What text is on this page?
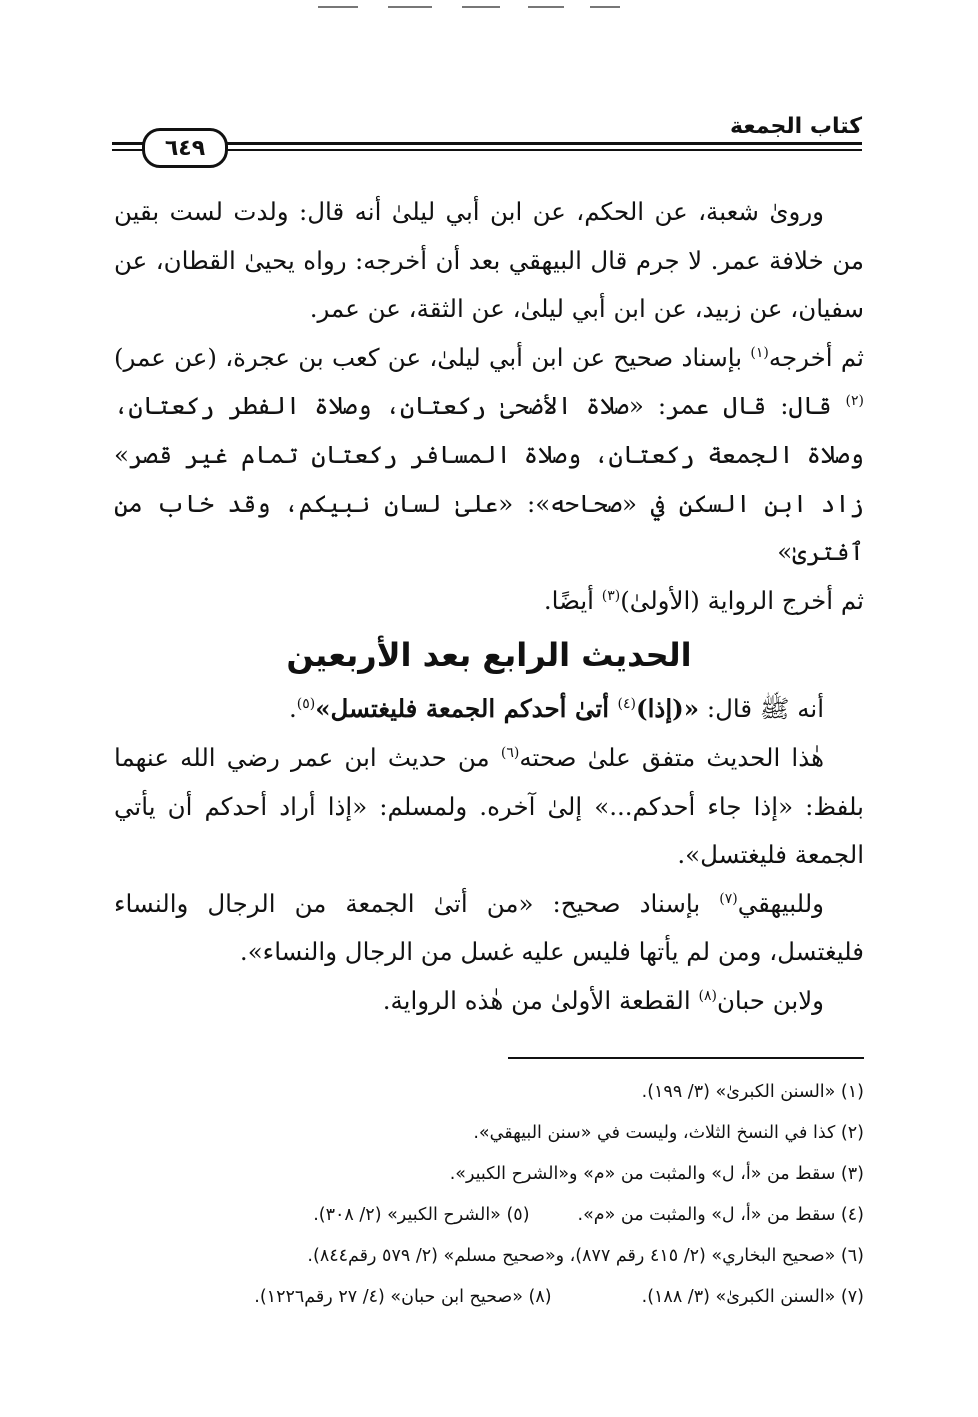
كتاب الجمعة
٦٤٩

وروىٰ شعبة، عن الحكم، عن ابن أبي ليلىٰ أنه قال: ولدت لست بقين من خلافة عمر. لا جرم قال البيهقي بعد أن أخرجه: رواه يحيىٰ القطان، عن سفيان، عن زبيد، عن ابن أبي ليلىٰ، عن الثقة، عن عمر.

ثم أخرجه$^{(١)}$ بإسناد صحيح عن ابن أبي ليلىٰ، عن كعب بن عجرة، (عن عمر)$^{(٢)}$ قال: قال عمر: «صلاة الأضحىٰ ركعتان، وصلاة الفطر ركعتان، وصلاة الجمعة ركعتان، وصلاة المسافر ركعتان تمام غير قصر» زاد ابن السكن في «صحاحه»: «علىٰ لسان نبيكم، وقد خاب من ٱفترىٰ»

ثم أخرج الرواية (الأولىٰ)$^{(٣)}$ أيضًا.

الحديث الرابع بعد الأربعين

أنه ﷺ قال: «(إذا)$^{(٤)}$ أتىٰ أحدكم الجمعة فليغتسل»$^{(٥)}$.

هٰذا الحديث متفق علىٰ صحته$^{(٦)}$ من حديث ابن عمر رضي الله عنهما بلفظ: «إذا جاء أحدكم...» إلىٰ آخره. ولمسلم: «إذا أراد أحدكم أن يأتي الجمعة فليغتسل».

وللبيهقي$^{(٧)}$ بإسناد صحيح: «من أتىٰ الجمعة من الرجال والنساء فليغتسل، ومن لم يأتها فليس عليه غسل من الرجال والنساء».

ولابن حبان$^{(٨)}$ القطعة الأولىٰ من هٰذه الرواية.

(١) «السنن الكبرىٰ» (٣/ ١٩٩).
(٢) كذا في النسخ الثلاث، وليست في «سنن البيهقي».
(٣) سقط من «أ، ل» والمثبت من «م» و«الشرح الكبير».
(٤) سقط من «أ، ل» والمثبت من «م».(٥) «الشرح الكبير» (٢/ ٣٠٨).
(٦) «صحيح البخاري» (٢/ ٤١٥ رقم ٨٧٧)، و«صحيح مسلم» (٢/ ٥٧٩ رقم٨٤٤).
(٧) «السنن الكبرىٰ» (٣/ ١٨٨).(٨) «صحيح ابن حبان» (٤/ ٢٧ رقم١٢٢٦).
